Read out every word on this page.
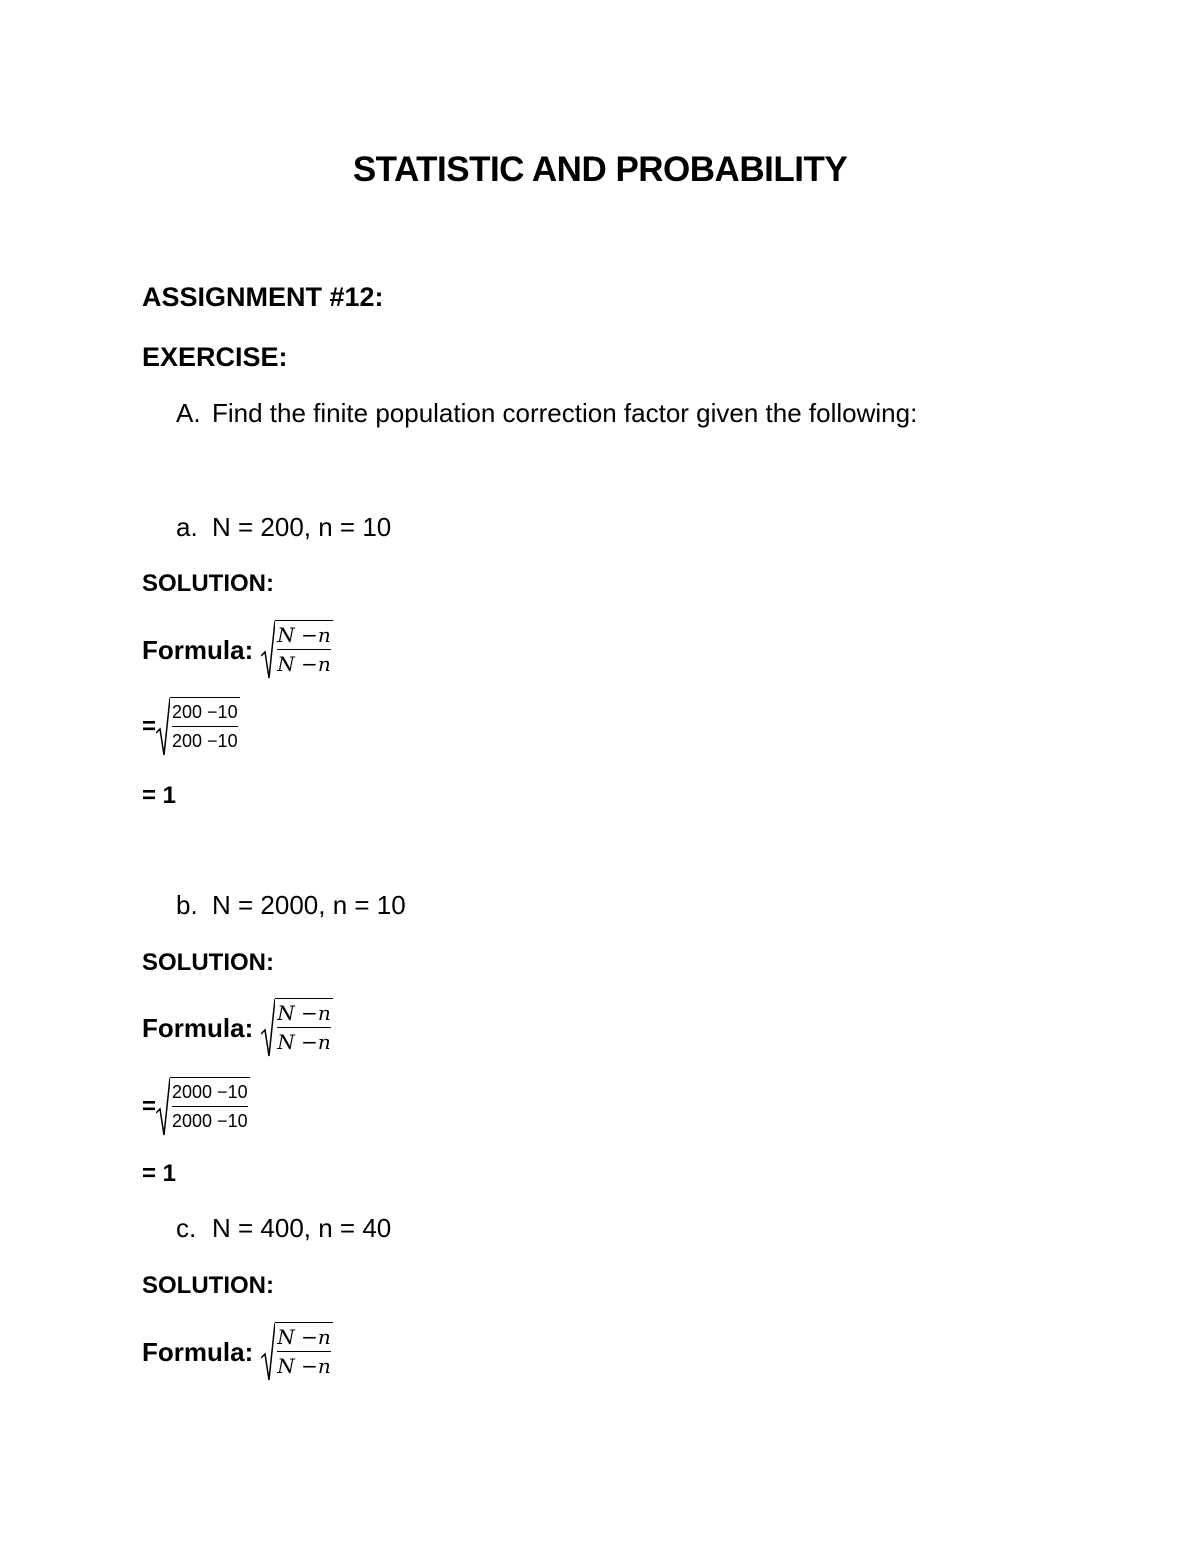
STATISTIC AND PROBABILITY
ASSIGNMENT #12:
EXERCISE:
A. Find the finite population correction factor given the following:
a. N = 200, n = 10
SOLUTION:
Formula: $\frac{N -n}{N -n}$
= $\frac{200 -10}{200 -10}$
= 1
b. N = 2000, n = 10
SOLUTION:
Formula: $\frac{N -n}{N -n}$
= $\frac{2000 -10}{2000 -10}$
= 1
c. N = 400, n = 40
SOLUTION:
Formula: $\frac{N -n}{N -n}$
